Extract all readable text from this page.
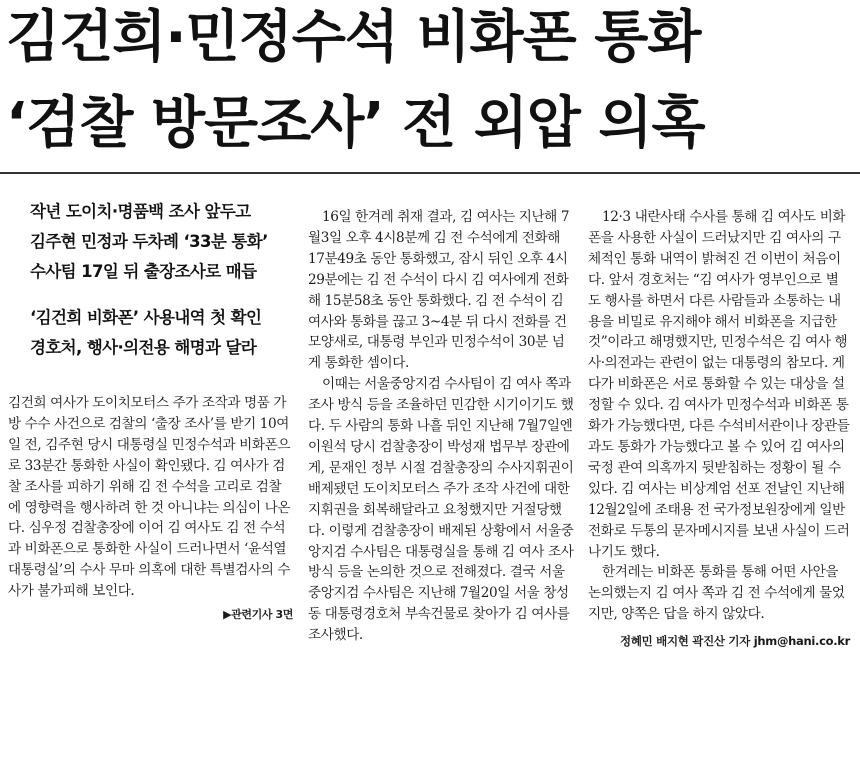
김건희·민정수석 비화폰 통화
‘검찰 방문조사’ 전 외압 의혹
작년 도이치·명품백 조사 앞두고
김주현 민정과 두차례 ‘33분 통화’
수사팀 17일 뒤 출장조사로 매듭
‘김건희 비화폰’ 사용내역 첫 확인
경호처, 행사·의전용 해명과 달라

김건희 여사가 도이치모터스 주가 조작과 명품 가방 수수 사건으로 검찰의 ‘출장 조사’를 받기 10여일 전, 김주현 당시 대통령실 민정수석과 비화폰으로 33분간 통화한 사실이 확인됐다. 김 여사가 검찰 조사를 피하기 위해 김 전 수석을 고리로 검찰에 영향력을 행사하려 한 것 아니냐는 의심이 나온다. 심우정 검찰총장에 이어 김 여사도 김 전 수석과 비화폰으로 통화한 사실이 드러나면서 ‘윤석열 대통령실’의 수사 무마 의혹에 대한 특별검사의 수사가 불가피해 보인다.

▶관련기사 3면

16일 한겨레 취재 결과, 김 여사는 지난해 7월3일 오후 4시8분께 김 전 수석에게 전화해 17분49초 동안 통화했고, 잠시 뒤인 오후 4시29분에는 김 전 수석이 다시 김 여사에게 전화해 15분58초 동안 통화했다. 김 전 수석이 김 여사와 통화를 끊고 3~4분 뒤 다시 전화를 건 모양새로, 대통령 부인과 민정수석이 30분 넘게 통화한 셈이다.

이때는 서울중앙지검 수사팀이 김 여사 쪽과 조사 방식 등을 조율하던 민감한 시기이기도 했다. 두 사람의 통화 나흘 뒤인 지난해 7월7일엔 이원석 당시 검찰총장이 박성재 법무부 장관에게, 문재인 정부 시절 검찰총장의 수사지휘권이 배제됐던 도이치모터스 주가 조작 사건에 대한 지휘권을 회복해달라고 요청했지만 거절당했다. 이렇게 검찰총장이 배제된 상황에서 서울중앙지검 수사팀은 대통령실을 통해 김 여사 조사 방식 등을 논의한 것으로 전해졌다. 결국 서울중앙지검 수사팀은 지난해 7월20일 서울 창성동 대통령경호처 부속건물로 찾아가 김 여사를 조사했다.

12·3 내란사태 수사를 통해 김 여사도 비화폰을 사용한 사실이 드러났지만 김 여사의 구체적인 통화 내역이 밝혀진 건 이번이 처음이다. 앞서 경호처는 “김 여사가 영부인으로 별도 행사를 하면서 다른 사람들과 소통하는 내용을 비밀로 유지해야 해서 비화폰을 지급한 것”이라고 해명했지만, 민정수석은 김 여사 행사·의전과는 관련이 없는 대통령의 참모다. 게다가 비화폰은 서로 통화할 수 있는 대상을 설정할 수 있다. 김 여사가 민정수석과 비화폰 통화가 가능했다면, 다른 수석비서관이나 장관들과도 통화가 가능했다고 볼 수 있어 김 여사의 국정 관여 의혹까지 뒷받침하는 정황이 될 수 있다. 김 여사는 비상계엄 선포 전날인 지난해 12월2일에 조태용 전 국가정보원장에게 일반 전화로 두통의 문자메시지를 보낸 사실이 드러나기도 했다.

한겨레는 비화폰 통화를 통해 어떤 사안을 논의했는지 김 여사 쪽과 김 전 수석에게 물었지만, 양쪽은 답을 하지 않았다.

정혜민 배지현 곽진산 기자 jhm@hani.co.kr
